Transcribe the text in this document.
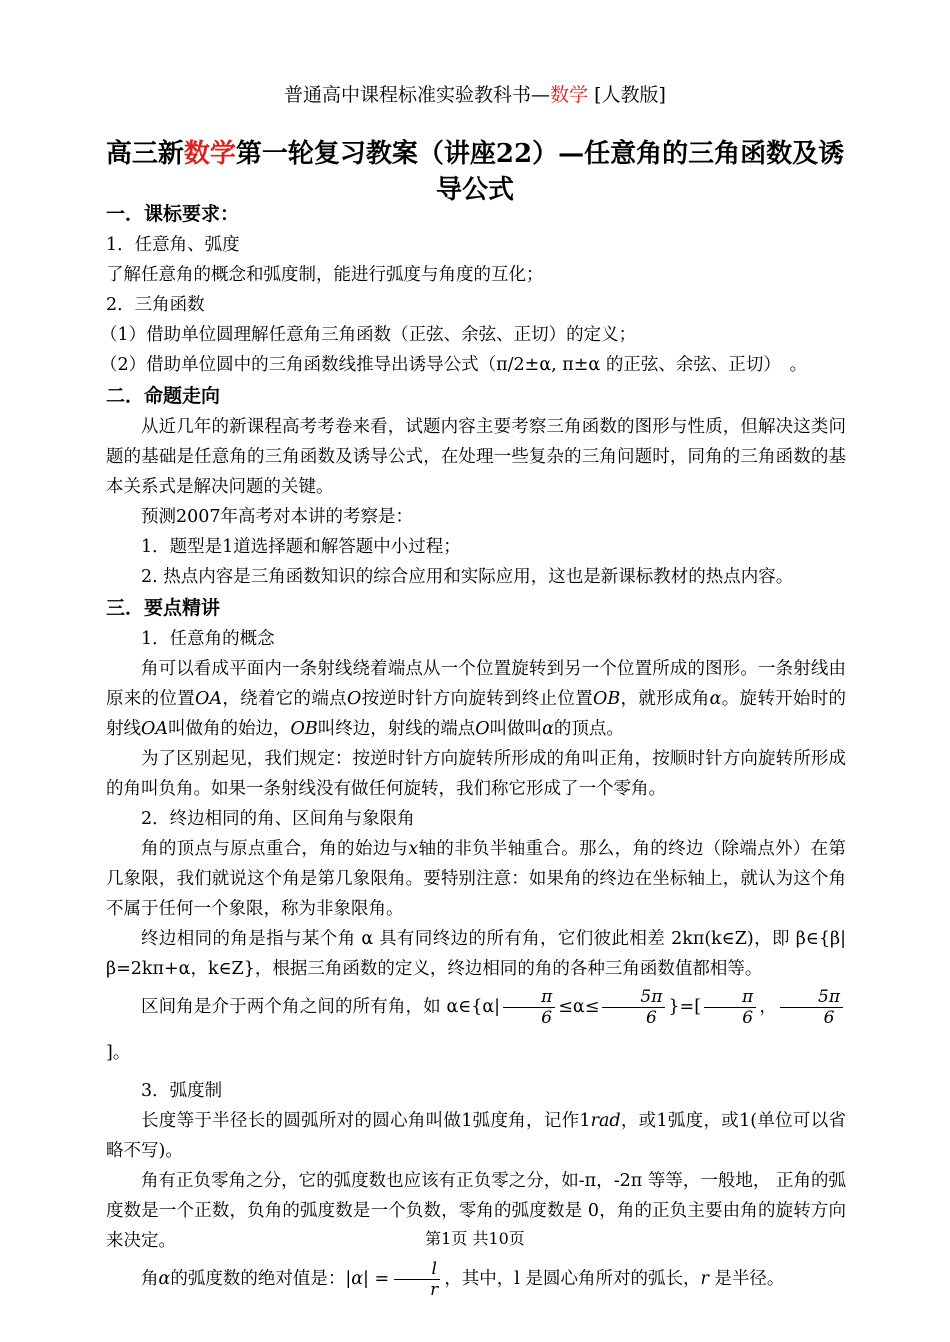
普通高中课程标准实验教科书—数学 [人教版]
高三新数学第一轮复习教案（讲座22）—任意角的三角函数及诱导公式

一．课标要求：

1．任意角、弧度

了解任意角的概念和弧度制，能进行弧度与角度的互化；

2．三角函数

（1）借助单位圆理解任意角三角函数（正弦、余弦、正切）的定义；

（2）借助单位圆中的三角函数线推导出诱导公式（π/2±α, π±α 的正弦、余弦、正切）　。

二．命题走向

从近几年的新课程高考考卷来看，试题内容主要考察三角函数的图形与性质，但解决这类问题的基础是任意角的三角函数及诱导公式，在处理一些复杂的三角问题时，同角的三角函数的基本关系式是解决问题的关键。

预测2007年高考对本讲的考察是：

1．题型是1道选择题和解答题中小过程；

2. 热点内容是三角函数知识的综合应用和实际应用，这也是新课标教材的热点内容。

三．要点精讲

1．任意角的概念

角可以看成平面内一条射线绕着端点从一个位置旋转到另一个位置所成的图形。一条射线由原来的位置OA，绕着它的端点O按逆时针方向旋转到终止位置OB，就形成角α。旋转开始时的射线OA叫做角的始边，OB叫终边，射线的端点O叫做叫α的顶点。

为了区别起见，我们规定：按逆时针方向旋转所形成的角叫正角，按顺时针方向旋转所形成的角叫负角。如果一条射线没有做任何旋转，我们称它形成了一个零角。

2．终边相同的角、区间角与象限角

角的顶点与原点重合，角的始边与x轴的非负半轴重合。那么，角的终边（除端点外）在第几象限，我们就说这个角是第几象限角。要特别注意：如果角的终边在坐标轴上，就认为这个角不属于任何一个象限，称为非象限角。

终边相同的角是指与某个角 α 具有同终边的所有角，它们彼此相差 2kπ(k∈Z)，即 β∈{β|β=2kπ+α，k∈Z}，根据三角函数的定义，终边相同的角的各种三角函数值都相等。

区间角是介于两个角之间的所有角，如 α∈{α| $\frac{\pi}{6} \le\alpha\le \frac{5\pi}{6}$ }=[ $\frac{\pi}{6}$ ， $\frac{5\pi}{6}$
]。

3．弧度制

长度等于半径长的圆弧所对的圆心角叫做1弧度角，记作1rad，或1弧度，或1(单位可以省略不写)。

角有正负零角之分，它的弧度数也应该有正负零之分，如-π，-2π 等等，一般地， 正角的弧度数是一个正数，负角的弧度数是一个负数，零角的弧度数是 0，角的正负主要由角的旋转方向来决定。

角α的弧度数的绝对值是：$|\alpha| = \frac{l}{r}$ ，其中，l 是圆心角所对的弧长，r 是半径。

第1页 共10页
